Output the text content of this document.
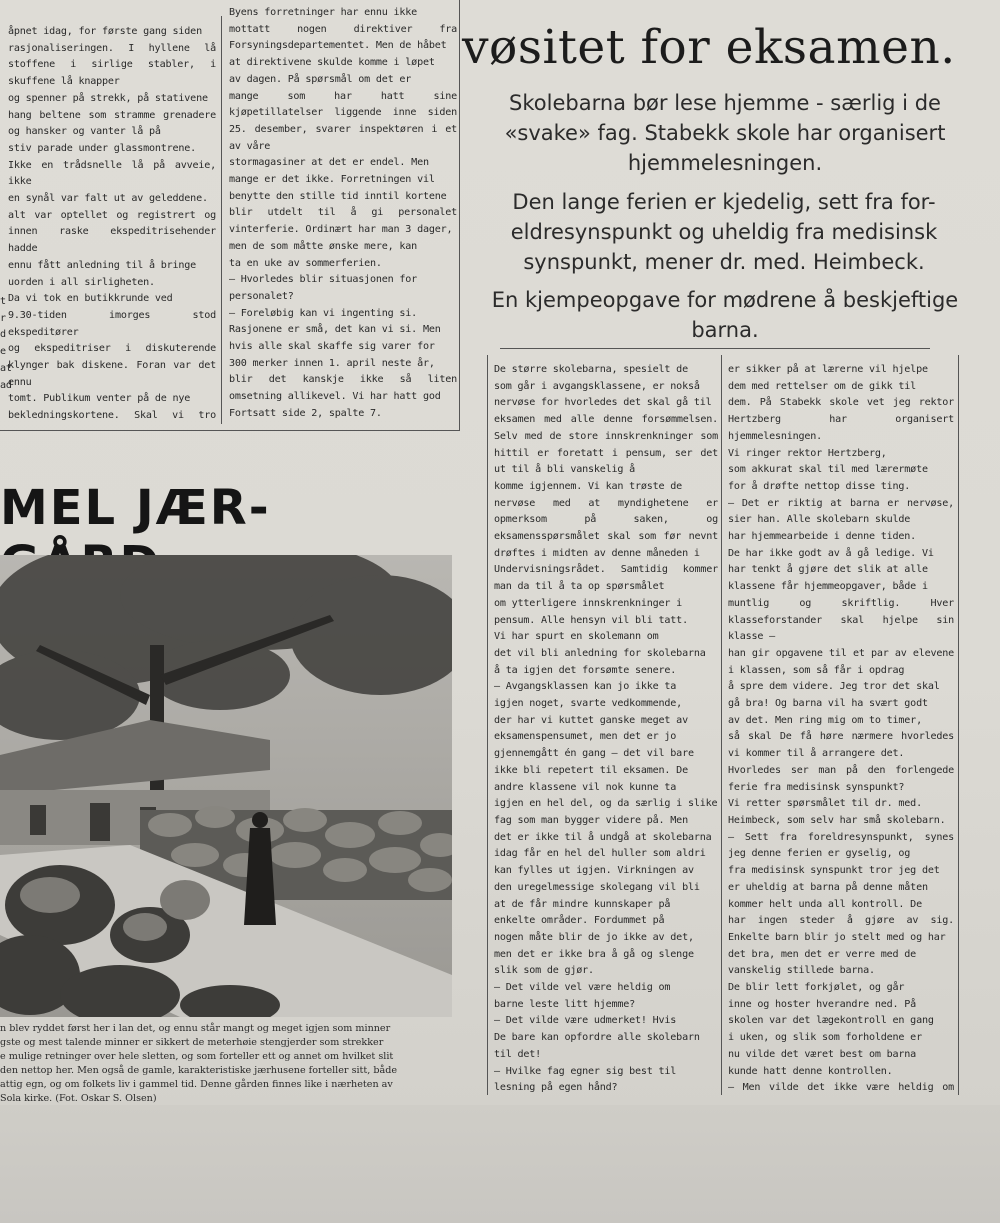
t
r
d
e
at
ad
åpnet idag, for første gang siden
rasjonaliseringen. I hyllene lå stoffene i sirlige stabler, i skuffene lå knapper
og spenner på strekk, på stativene
hang beltene som stramme grenadere og hansker og vanter lå på
stiv parade under glassmontrene.
Ikke en trådsnelle lå på avveie, ikke
en synål var falt ut av geleddene.
alt var optellet og registrert og innen raske ekspeditrisehender hadde
ennu fått anledning til å bringe
uorden i all sirligheten.
Da vi tok en butikkrunde ved
9.30-tiden imorges stod ekspeditører
og ekspeditriser i diskuterende klynger bak diskene. Foran var det ennu
tomt. Publikum venter på de nye
bekledningskortene. Skal vi tro

Byens forretninger har ennu ikke
mottatt nogen direktiver fra Forsyningsdepartementet. Men de håbet
at direktivene skulde komme i løpet
av dagen. På spørsmål om det er
mange som har hatt sine kjøpetillatelser liggende inne siden 25. desember, svarer inspektøren i et av våre
stormagasiner at det er endel. Men
mange er det ikke. Forretningen vil
benytte den stille tid inntil kortene
blir utdelt til å gi personalet vinterferie. Ordinært har man 3 dager,
men de som måtte ønske mere, kan
ta en uke av sommerferien.
— Hvorledes blir situasjonen for
personalet?
— Foreløbig kan vi ingenting si.
Rasjonene er små, det kan vi si. Men
hvis alle skal skaffe sig varer for
300 merker innen 1. april neste år,
blir det kanskje ikke så liten omsetning allikevel. Vi har hatt god
Fortsatt side 2, spalte 7.

vøsitet for eksamen.
Skolebarna bør lese hjemme - særlig i de «svake» fag. Stabekk skole har organisert hjemmelesningen.
Den lange ferien er kjedelig, sett fra for- eldresynspunkt og uheldig fra medisinsk synspunkt, mener dr. med. Heimbeck.
En kjempeopgave for mødrene å beskjeftige barna.
MEL JÆR-
n blev ryddet først her i lan det, og ennu står mangt og meget igjen som minner
gste og mest talende minner er sikkert de meterhøie stengjerder som strekker
e mulige retninger over hele sletten, og som forteller ett og annet om hvilket slit
den nettop her. Men også de gamle, karakteristiske jærhusene forteller sitt, både
attig egn, og om folkets liv i gammel tid. Denne gården finnes like i nærheten av
Sola kirke. (Fot. Oskar S. Olsen)
De større skolebarna, spesielt de
som går i avgangsklassene, er nokså
nervøse for hvorledes det skal gå til
eksamen med alle denne forsømmelsen. Selv med de store innskrenkninger som hittil er foretatt i pensum, ser det ut til å bli vanskelig å
komme igjennem. Vi kan trøste de
nervøse med at myndighetene er opmerksom på saken, og eksamensspørsmålet skal som før nevnt drøftes i midten av denne måneden i
Undervisningsrådet. Samtidig kommer man da til å ta op spørsmålet
om ytterligere innskrenkninger i
pensum. Alle hensyn vil bli tatt.
Vi har spurt en skolemann om
det vil bli anledning for skolebarna
å ta igjen det forsømte senere.
— Avgangsklassen kan jo ikke ta
igjen noget, svarte vedkommende,
der har vi kuttet ganske meget av
eksamenspensumet, men det er jo
gjennemgått én gang — det vil bare
ikke bli repetert til eksamen. De
andre klassene vil nok kunne ta
igjen en hel del, og da særlig i slike
fag som man bygger videre på. Men
det er ikke til å undgå at skolebarna
idag får en hel del huller som aldri
kan fylles ut igjen. Virkningen av
den uregelmessige skolegang vil bli
at de får mindre kunnskaper på
enkelte områder. Fordummet på
nogen måte blir de jo ikke av det,
men det er ikke bra å gå og slenge
slik som de gjør.
— Det vilde vel være heldig om
barne leste litt hjemme?
— Det vilde være udmerket! Hvis
De bare kan opfordre alle skolebarn
til det!
— Hvilke fag egner sig best til
lesning på egen hånd?

er sikker på at lærerne vil hjelpe
dem med rettelser om de gikk til
dem. På Stabekk skole vet jeg rektor Hertzberg har organisert hjemmelesningen.
Vi ringer rektor Hertzberg,
som akkurat skal til med lærermøte
for å drøfte nettop disse ting.
— Det er riktig at barna er nervøse, sier han. Alle skolebarn skulde
har hjemmearbeide i denne tiden.
De har ikke godt av å gå ledige. Vi
har tenkt å gjøre det slik at alle
klassene får hjemmeopgaver, både i
muntlig og skriftlig. Hver klasseforstander skal hjelpe sin klasse —
han gir opgavene til et par av elevene i klassen, som så får i opdrag
å spre dem videre. Jeg tror det skal
gå bra! Og barna vil ha svært godt
av det. Men ring mig om to timer,
så skal De få høre nærmere hvorledes vi kommer til å arrangere det.
Hvorledes ser man på den forlengede ferie fra medisinsk synspunkt?
Vi retter spørsmålet til dr. med.
Heimbeck, som selv har små skolebarn.
— Sett fra foreldresynspunkt, synes jeg denne ferien er gyselig, og
fra medisinsk synspunkt tror jeg det
er uheldig at barna på denne måten
kommer helt unda all kontroll. De
har ingen steder å gjøre av sig. Enkelte barn blir jo stelt med og har
det bra, men det er verre med de
vanskelig stillede barna.
De blir lett forkjølet, og går
inne og hoster hverandre ned. På
skolen var det lægekontroll en gang
i uken, og slik som forholdene er
nu vilde det været best om barna
kunde hatt denne kontrollen.
— Men vilde det ikke være heldig om
